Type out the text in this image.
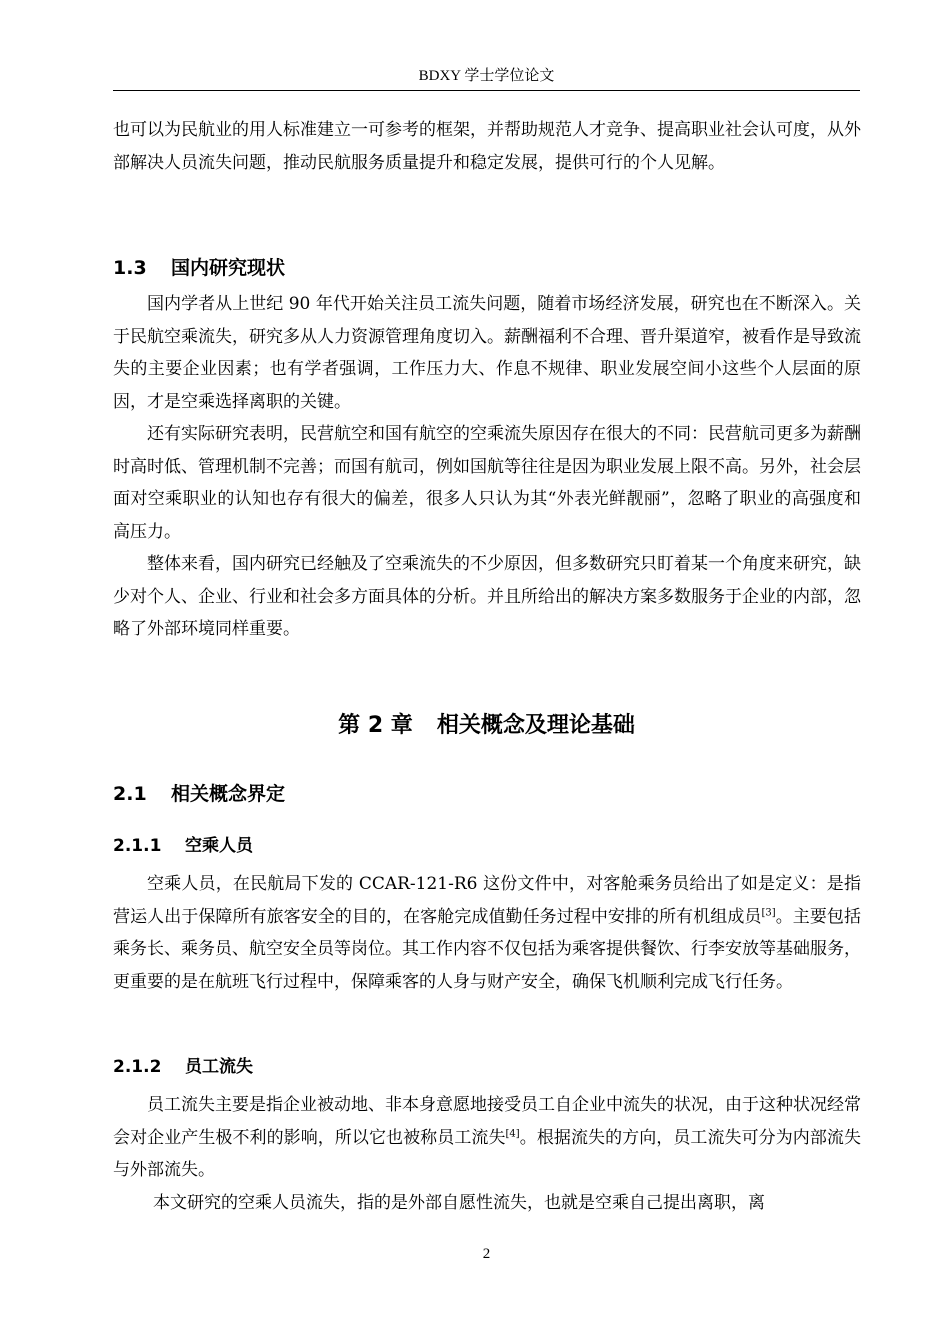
BDXY 学士学位论文

也可以为民航业的用人标准建立一可参考的框架，并帮助规范人才竞争、提高职业社会认可度，从外部解决人员流失问题，推动民航服务质量提升和稳定发展，提供可行的个人见解。

1.3 国内研究现状

国内学者从上世纪 90 年代开始关注员工流失问题，随着市场经济发展，研究也在不断深入。关于民航空乘流失，研究多从人力资源管理角度切入。薪酬福利不合理、晋升渠道窄，被看作是导致流失的主要企业因素；也有学者强调，工作压力大、作息不规律、职业发展空间小这些个人层面的原因，才是空乘选择离职的关键。

还有实际研究表明，民营航空和国有航空的空乘流失原因存在很大的不同：民营航司更多为薪酬时高时低、管理机制不完善；而国有航司，例如国航等往往是因为职业发展上限不高。另外，社会层面对空乘职业的认知也存有很大的偏差，很多人只认为其“外表光鲜靓丽”，忽略了职业的高强度和高压力。

整体来看，国内研究已经触及了空乘流失的不少原因，但多数研究只盯着某一个角度来研究，缺少对个人、企业、行业和社会多方面具体的分析。并且所给出的解决方案多数服务于企业的内部，忽略了外部环境同样重要。

第 2 章 相关概念及理论基础
2.1 相关概念界定
2.1.1 空乘人员

空乘人员，在民航局下发的 CCAR-121-R6 这份文件中，对客舱乘务员给出了如是定义：是指营运人出于保障所有旅客安全的目的，在客舱完成值勤任务过程中安排的所有机组成员[3]。主要包括乘务长、乘务员、航空安全员等岗位。其工作内容不仅包括为乘客提供餐饮、行李安放等基础服务，更重要的是在航班飞行过程中，保障乘客的人身与财产安全，确保飞机顺利完成飞行任务。

2.1.2 员工流失

员工流失主要是指企业被动地、非本身意愿地接受员工自企业中流失的状况，由于这种状况经常会对企业产生极不利的影响，所以它也被称员工流失[4]。根据流失的方向，员工流失可分为内部流失与外部流失。

本文研究的空乘人员流失，指的是外部自愿性流失，也就是空乘自己提出离职，离

2
